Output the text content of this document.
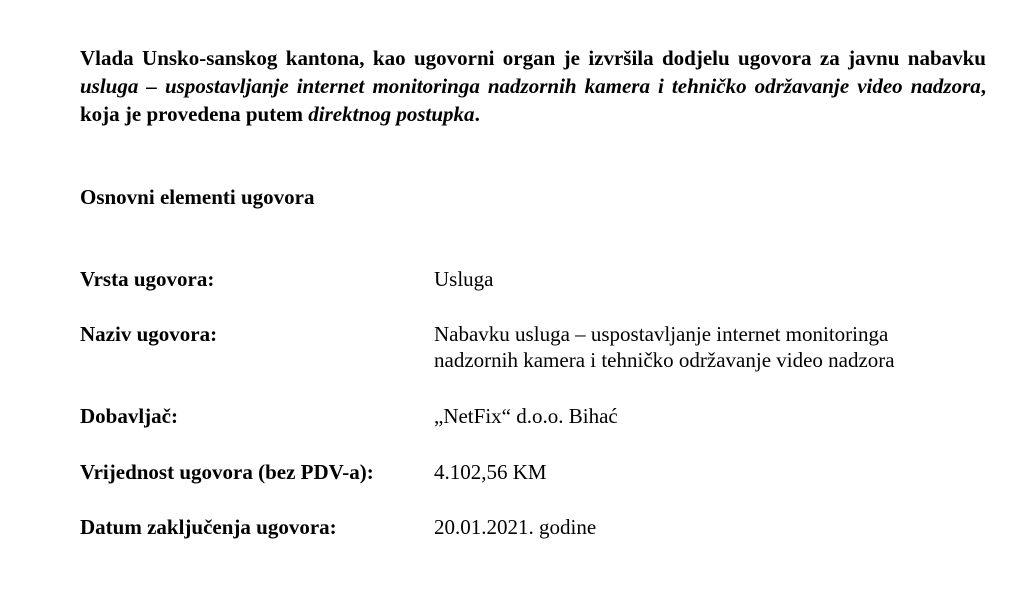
Vlada Unsko-sanskog kantona, kao ugovorni organ je izvršila dodjelu ugovora za javnu nabavku usluga – uspostavljanje internet monitoringa nadzornih kamera i tehničko održavanje video nadzora, koja je provedena putem direktnog postupka.

Osnovni elementi ugovora

Vrsta ugovora:	Usluga

Naziv ugovora:	Nabavku usluga – uspostavljanje internet monitoringa
nadzornih kamera i tehničko održavanje video nadzora

Dobavljač:	„NetFix“ d.o.o. Bihać

Vrijednost ugovora (bez PDV-a):	4.102,56 KM

Datum zaključenja ugovora:	20.01.2021. godine
